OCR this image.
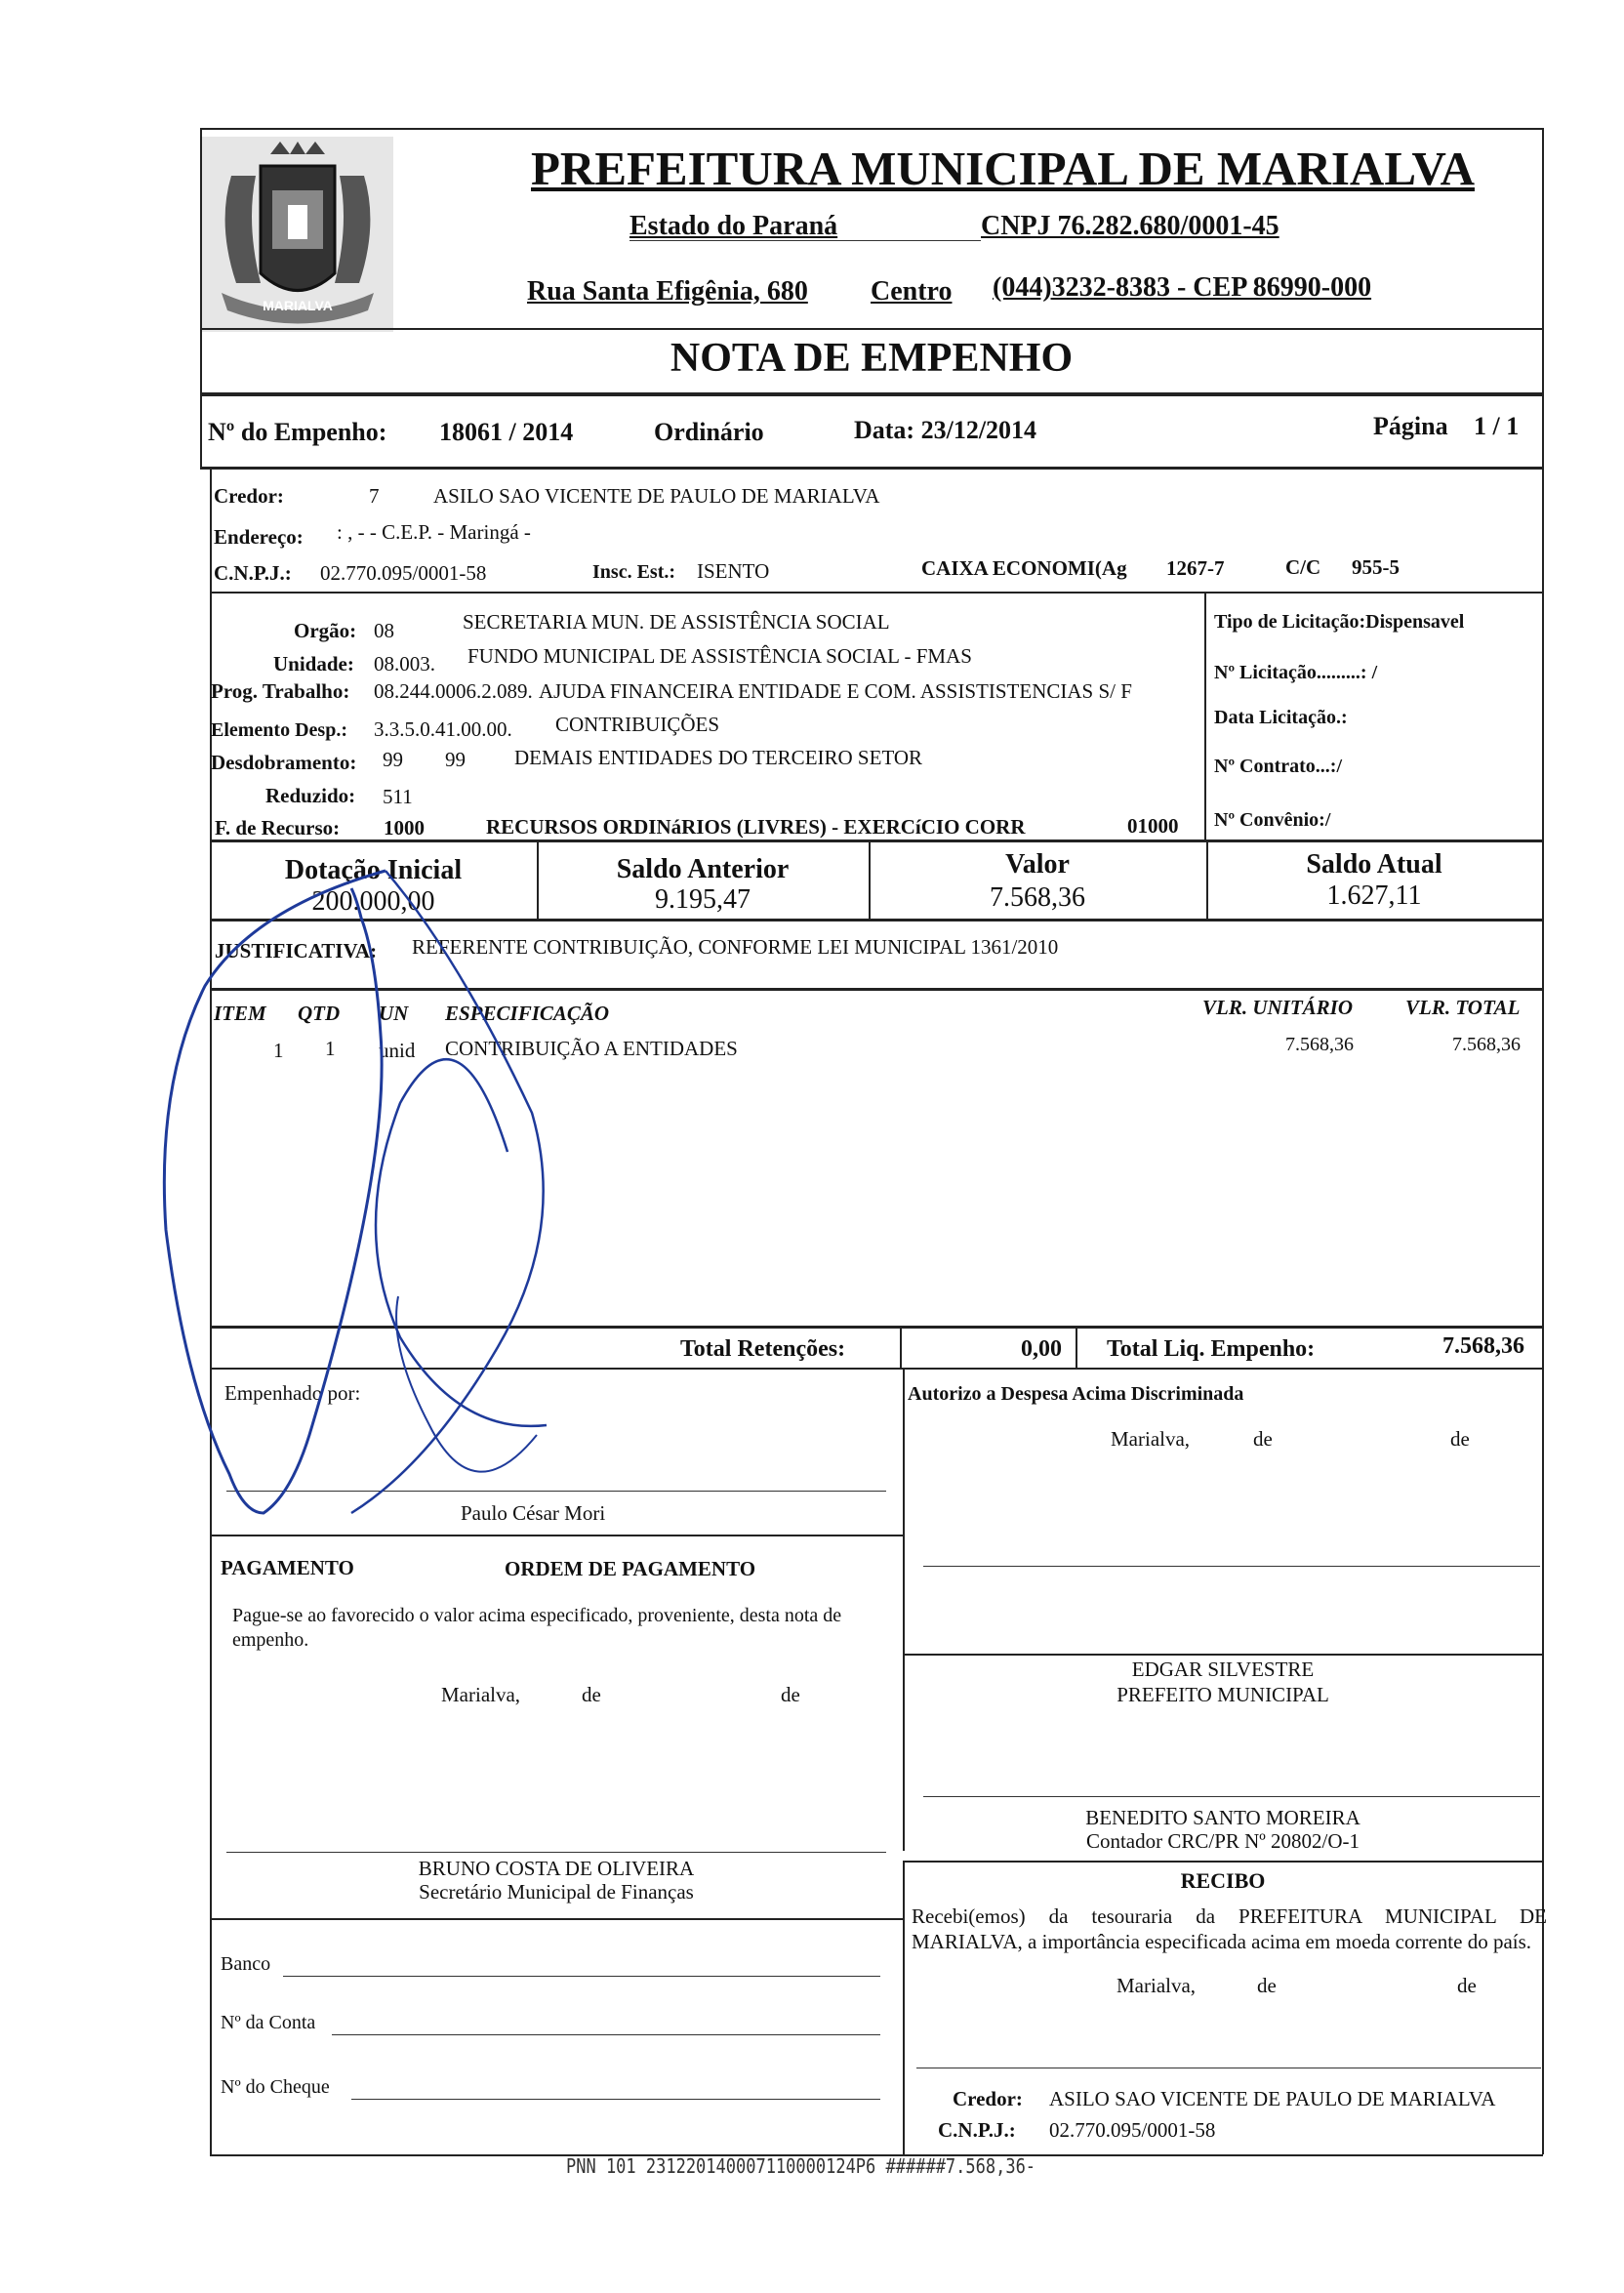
MARIALVA
PREFEITURA MUNICIPAL DE MARIALVA
Estado do Paraná	CNPJ 76.282.680/0001-45
Rua Santa Efigênia, 680 Centro (044)3232-8383 - CEP 86990-000
NOTA DE EMPENHO
Nº do Empenho: 18061 / 2014	Ordinário	Data: 23/12/2014	Página 1 / 1
Credor:	7	ASILO SAO VICENTE DE PAULO DE MARIALVA
Endereço: : , - - C.E.P. - Maringá -
C.N.P.J.: 02.770.095/0001-58	Insc. Est.: ISENTO	CAIXA ECONOMI(Ag 1267-7	C/C 955-5
Orgão: 08	SECRETARIA MUN. DE ASSISTÊNCIA SOCIAL
Unidade: 08.003. FUNDO MUNICIPAL DE ASSISTÊNCIA SOCIAL - FMAS
Prog. Trabalho: 08.244.0006.2.089. AJUDA FINANCEIRA ENTIDADE E COM. ASSISTISTENCIAS S/ F
Elemento Desp.: 3.3.5.0.41.00.00. CONTRIBUIÇÕES
Desdobramento: 99 99 DEMAIS ENTIDADES DO TERCEIRO SETOR
Reduzido: 511
F. de Recurso: 1000	RECURSOS ORDINáRIOS (LIVRES) - EXERCíCIO CORR	01000
Tipo de Licitação:Dispensavel
Nº Licitação.........: /
Data Licitação.:
Nº Contrato...:/
Nº Convênio:/
Dotação Inicial
200.000,00
Saldo Anterior
9.195,47
Valor
7.568,36
Saldo Atual
1.627,11
JUSTIFICATIVA: REFERENTE CONTRIBUIÇÃO, CONFORME LEI MUNICIPAL 1361/2010
ITEM QTD UN ESPECIFICAÇÃO	VLR. UNITÁRIO	VLR. TOTAL
1 1 unid CONTRIBUIÇÃO A ENTIDADES	7.568,36	7.568,36
Total Retenções:	0,00 Total Liq. Empenho:	7.568,36
Empenhado por:
Paulo César Mori
Autorizo a Despesa Acima Discriminada
Marialva,	de	de
PAGAMENTO	ORDEM DE PAGAMENTO
Pague-se ao favorecido o valor acima especificado, proveniente, desta nota de empenho.
Marialva,	de	de
EDGAR SILVESTRE
PREFEITO MUNICIPAL
BENEDITO SANTO MOREIRA
Contador CRC/PR Nº 20802/O-1
BRUNO COSTA DE OLIVEIRA
Secretário Municipal de Finanças	RECIBO
Recebi(emos) da tesouraria da PREFEITURA MUNICIPAL DE MARIALVA, a importância especificada acima em moeda corrente do país.
Marialva,	de	de
Credor: ASILO SAO VICENTE DE PAULO DE MARIALVA
C.N.P.J.: 02.770.095/0001-58
Banco
Nº da Conta
Nº do Cheque
PNN 101 231220140007110000124P6 ######7.568,36-
